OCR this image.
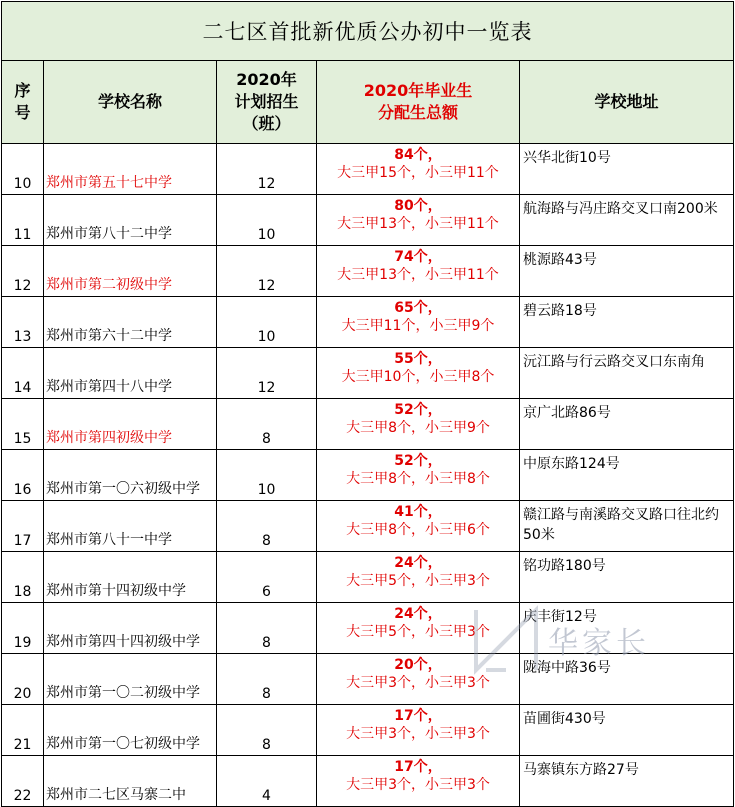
二七区首批新优质公办初中一览表				
序
号	学校名称	2020年
计划招生
（班）	2020年毕业生
分配生总额	学校地址
10	郑州市第五十七中学	12	84个，
大三甲15个，小三甲11个	兴华北街10号
11	郑州市第八十二中学	10	80个，
大三甲13个，小三甲11个	航海路与冯庄路交叉口南200米
12	郑州市第二初级中学	12	74个，
大三甲13个，小三甲11个	桃源路43号
13	郑州市第六十二中学	10	65个，
大三甲11个，小三甲9个	碧云路18号
14	郑州市第四十八中学	12	55个，
大三甲10个，小三甲8个	沅江路与行云路交叉口东南角
15	郑州市第四初级中学	8	52个，
大三甲8个，小三甲9个	京广北路86号
16	郑州市第一〇六初级中学	10	52个，
大三甲8个，小三甲8个	中原东路124号
17	郑州市第八十一中学	8	41个，
大三甲8个，小三甲6个	赣江路与南溪路交叉路口往北约50米
18	郑州市第十四初级中学	6	24个，
大三甲5个，小三甲3个	铭功路180号
19	郑州市第四十四初级中学	8	24个，
大三甲5个，小三甲3个	庆丰街12号
20	郑州市第一〇二初级中学	8	20个，
大三甲3个，小三甲3个	陇海中路36号
21	郑州市第一〇七初级中学	8	17个，
大三甲3个，小三甲3个	苗圃街430号
22	郑州市二七区马寨二中	4	17个，
大三甲3个，小三甲3个	马寨镇东方路27号
华家长
